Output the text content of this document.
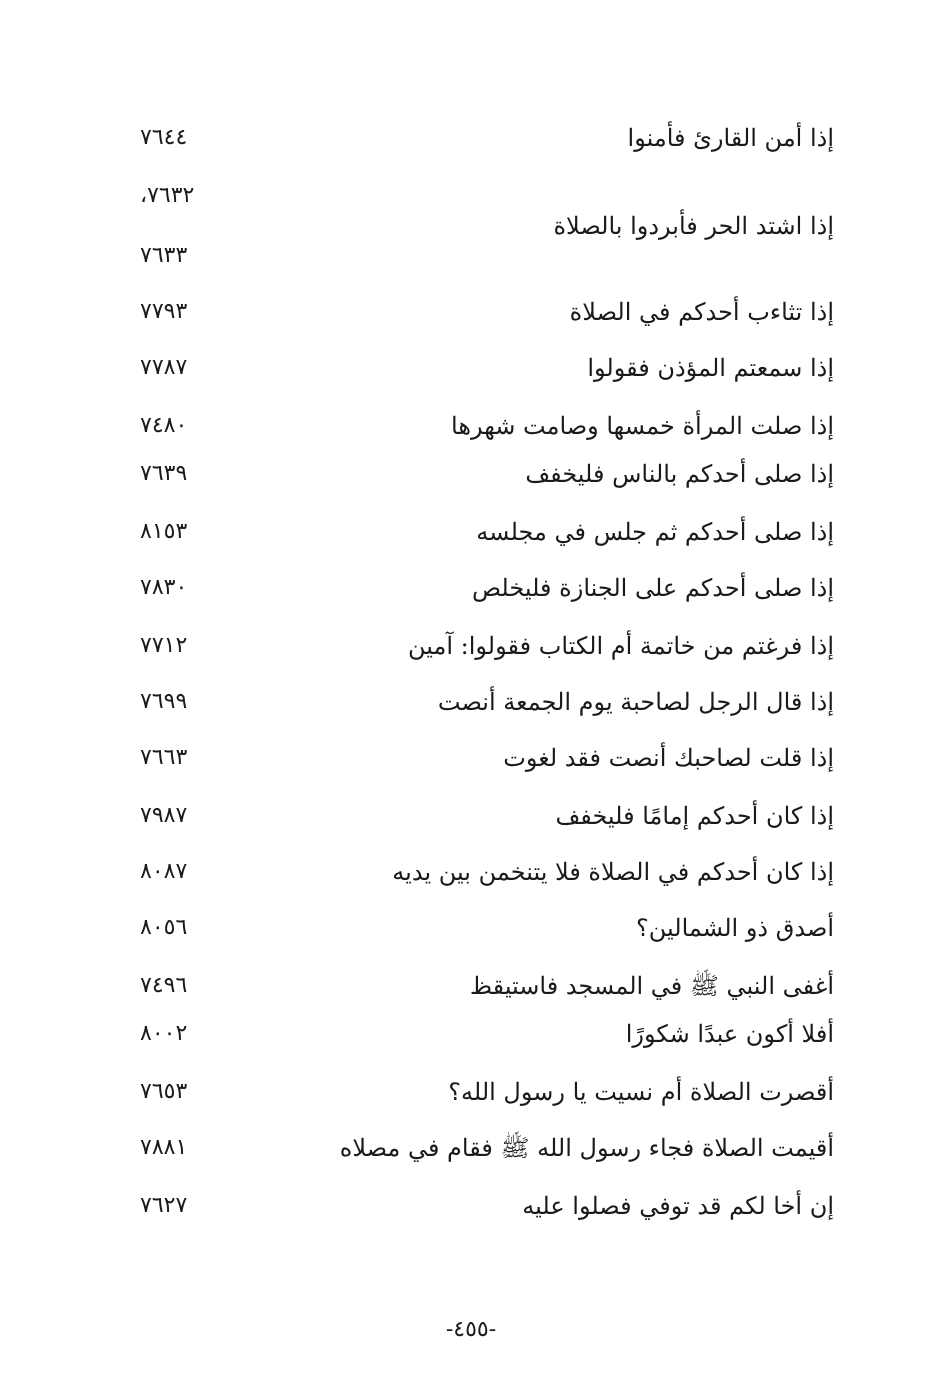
إذا أمن القارئ فأمنوا
٧٦٤٤
إذا اشتد الحر فأبردوا بالصلاة
٧٦٣٢،
٧٦٣٣
إذا تثاءب أحدكم في الصلاة
٧٧٩٣
إذا سمعتم المؤذن فقولوا
٧٧٨٧
إذا صلت المرأة خمسها وصامت شهرها
٧٤٨٠
إذا صلى أحدكم بالناس فليخفف
٧٦٣٩
إذا صلى أحدكم ثم جلس في مجلسه
٨١٥٣
إذا صلى أحدكم على الجنازة فليخلص
٧٨٣٠
إذا فرغتم من خاتمة أم الكتاب فقولوا: آمين
٧٧١٢
إذا قال الرجل لصاحبة يوم الجمعة أنصت
٧٦٩٩
إذا قلت لصاحبك أنصت فقد لغوت
٧٦٦٣
إذا كان أحدكم إمامًا فليخفف
٧٩٨٧
إذا كان أحدكم في الصلاة فلا يتنخمن بين يديه
٨٠٨٧
أصدق ذو الشمالين؟
٨٠٥٦
أغفى النبي ﷺ في المسجد فاستيقظ
٧٤٩٦
أفلا أكون عبدًا شكورًا
٨٠٠٢
أقصرت الصلاة أم نسيت يا رسول الله؟
٧٦٥٣
أقيمت الصلاة فجاء رسول الله ﷺ فقام في مصلاه
٧٨٨١
إن أخا لكم قد توفي فصلوا عليه
٧٦٢٧
-٤٥٥-
